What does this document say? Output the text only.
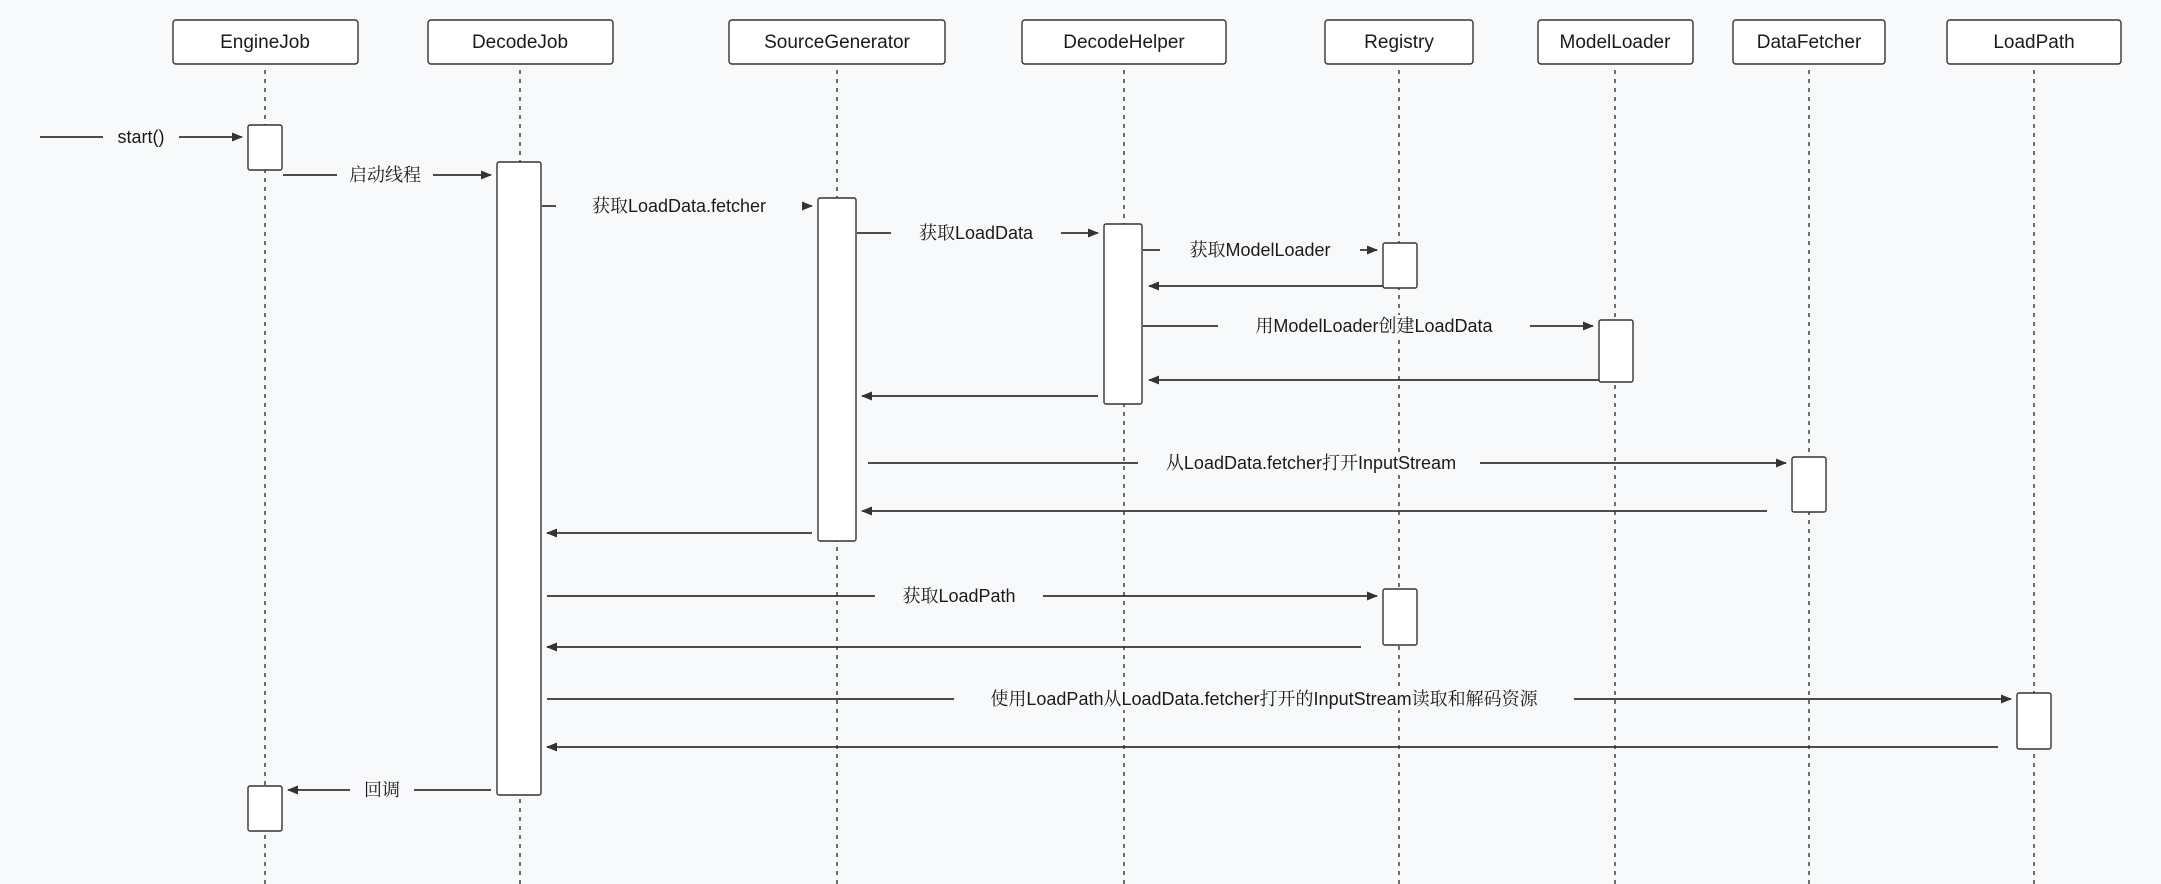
EngineJob	DecodeJob	SourceGenerator	DecodeHelper	Registry	ModelLoader	DataFetcher	LoadPath
start()
启动线程
获取LoadData.fetcher
获取LoadData
获取ModelLoader
用ModelLoader创建LoadData
从LoadData.fetcher打开InputStream
获取LoadPath
使用LoadPath从LoadData.fetcher打开的InputStream读取和解码资源
回调
